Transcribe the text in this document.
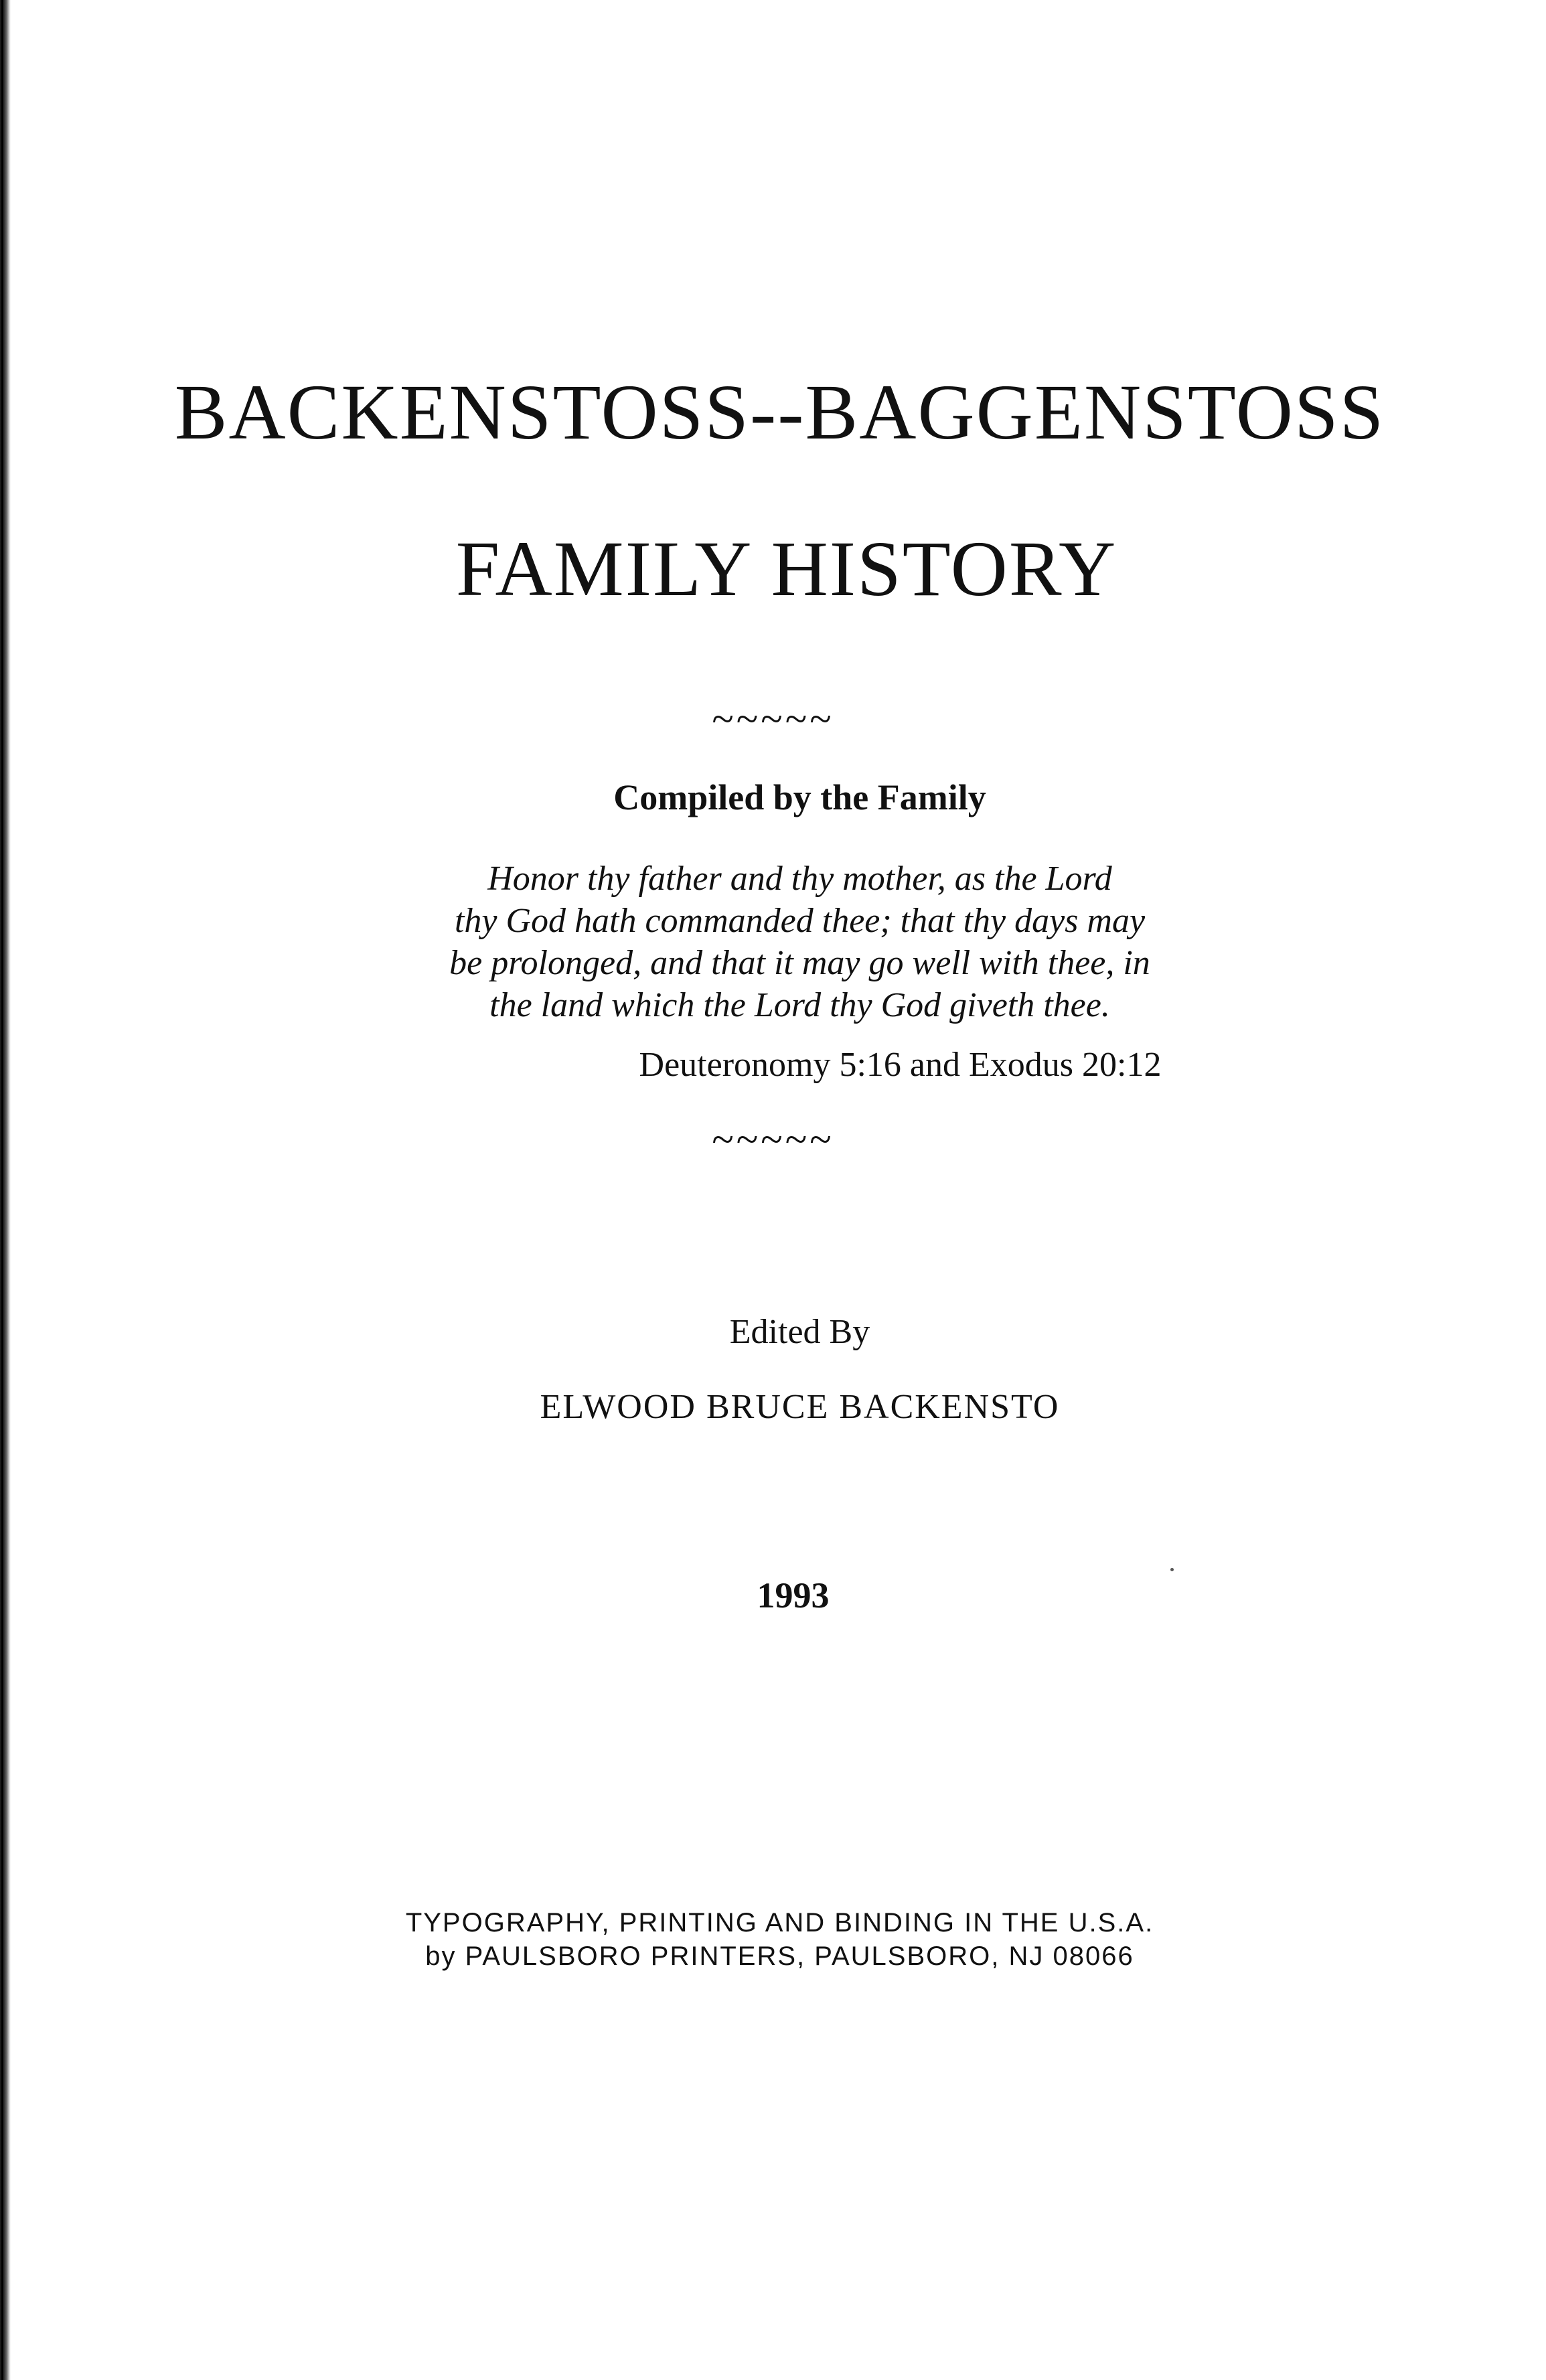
BACKENSTOSS--BAGGENSTOSS
FAMILY HISTORY
~~~~~
Compiled by the Family
Honor thy father and thy mother, as the Lord
thy God hath commanded thee; that thy days may
be prolonged, and that it may go well with thee, in
the land which the Lord thy God giveth thee.
Deuteronomy 5:16 and Exodus 20:12
~~~~~
Edited By
ELWOOD BRUCE BACKENSTO
1993
TYPOGRAPHY, PRINTING AND BINDING IN THE U.S.A.
by PAULSBORO PRINTERS, PAULSBORO, NJ 08066
